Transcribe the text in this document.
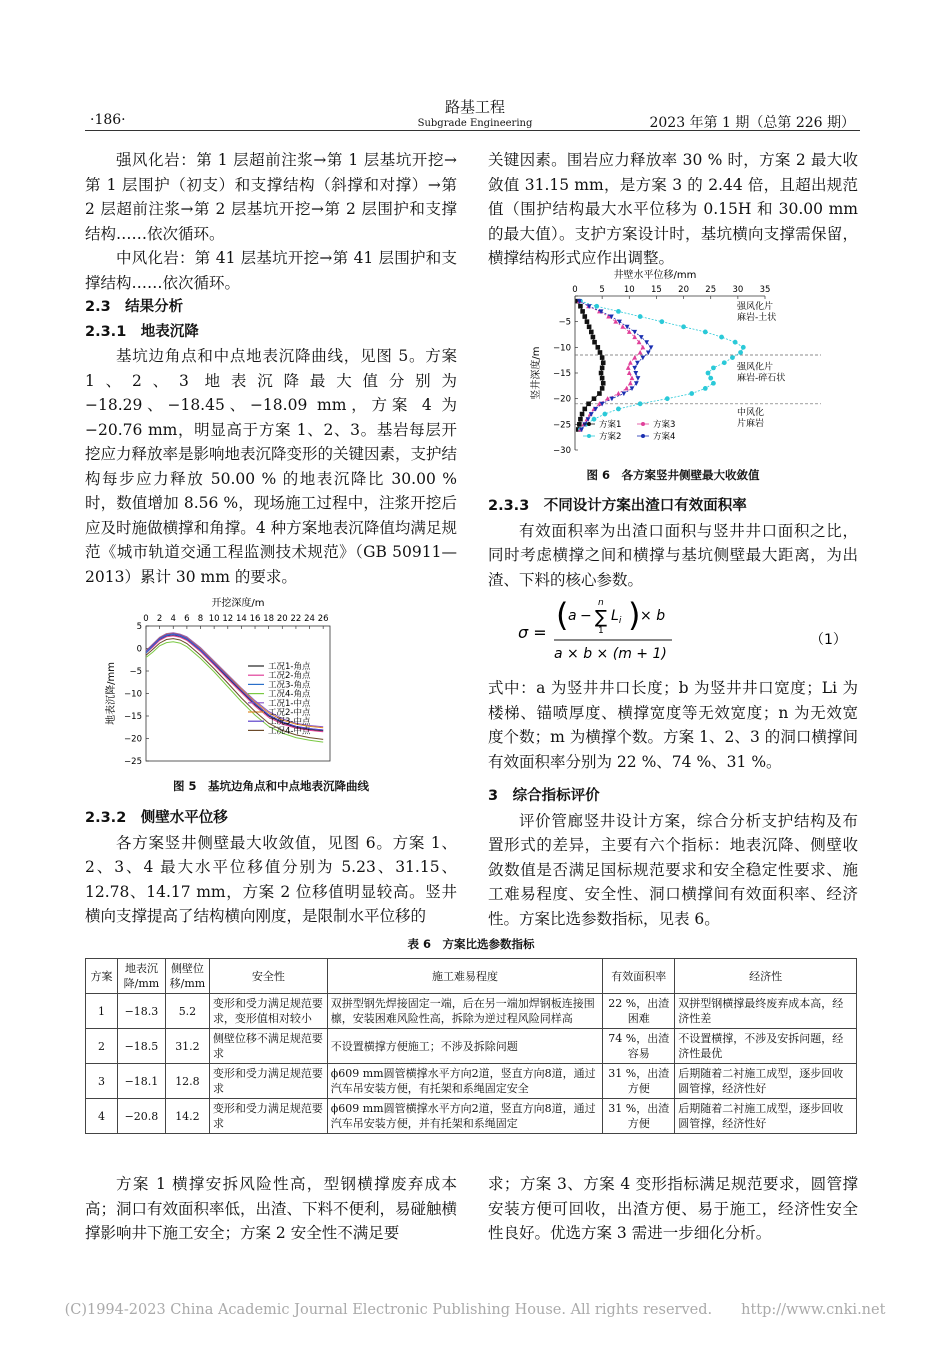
·186·
路基工程
Subgrade Engineering	2023 年第 1 期（总第 226 期）

强风化岩：第 1 层超前注浆→第 1 层基坑开挖→第 1 层围护（初支）和支撑结构（斜撑和对撑）→第 2 层超前注浆→第 2 层基坑开挖→第 2 层围护和支撑结构……依次循环。

中风化岩：第 41 层基坑开挖→第 41 层围护和支撑结构……依次循环。

2.3　结果分析

2.3.1　地表沉降

基坑边角点和中点地表沉降曲线，见图 5。方案 1、2、3 地表沉降最大值分别为 −18.29、−18.45、−18.09 mm，方案 4 为−20.76 mm，明显高于方案 1、2、3。基岩每层开挖应力释放率是影响地表沉降变形的关键因素，支护结构每步应力释放 50.00 % 的地表沉降比 30.00 % 时，数值增加 8.56 %，现场施工过程中，注浆开挖后应及时施做横撑和角撑。4 种方案地表沉降值均满足规范《城市轨道交通工程监测技术规范》（GB 50911—2013）累计 30 mm 的要求。

开挖深度/m
0 2 4 6 8 10 12 14 16 18 20 22 24 26
5
0
−5
−10
−15
−20
−25
地表沉降/mm	工况1-角点
工况2-角点
工况3-角点
工况4-角点
工况1-中点
工况2-中点
工况3-中点
工况4-中点
图 5　基坑边角点和中点地表沉降曲线

2.3.2　侧壁水平位移

各方案竖井侧壁最大收敛值，见图 6。方案 1、2、3、4 最大水平位移值分别为 5.23、31.15、12.78、14.17 mm，方案 2 位移值明显较高。竖井横向支撑提高了结构横向刚度，是限制水平位移的

关键因素。围岩应力释放率 30 % 时，方案 2 最大收敛值 31.15 mm，是方案 3 的 2.44 倍，且超出规范值（围护结构最大水平位移为 0.15H 和 30.00 mm 的最大值）。支护方案设计时，基坑横向支撑需保留，横撑结构形式应作出调整。

井壁水平位移/mm
0	5 10 15 20 25 30 35
−5
−10
−15
−20
−25
−30
竖井深度/m
强风化片麻岩-土状
强风化片麻岩-碎石状
中风化片麻岩
方案1
方案2
方案3
方案4
图 6　各方案竖井侧壁最大收敛值

2.3.3　不同设计方案出渣口有效面积率

有效面积率为出渣口面积与竖井井口面积之比，同时考虑横撑之间和横撑与基坑侧壁最大距离，为出渣、下料的核心参数。

σ = ( a − ∑
n
1
$L_i$ ) × b
a × b × (m + 1)
（1）

式中：a 为竖井井口长度；b 为竖井井口宽度；Li 为楼梯、锚喷厚度、横撑宽度等无效宽度；n 为无效宽度个数；m 为横撑个数。方案 1、2、3 的洞口横撑间有效面积率分别为 22 %、74 %、31 %。

3　综合指标评价

评价管廊竖井设计方案，综合分析支护结构及布置形式的差异，主要有六个指标：地表沉降、侧壁收敛数值是否满足国标规范要求和安全稳定性要求、施工难易程度、安全性、洞口横撑间有效面积率、经济性。方案比选参数指标，见表 6。

表 6　方案比选参数指标
方案	地表沉降/mm	侧壁位移/mm	安全性	施工难易程度	有效面积率	经济性
1	−18.3	5.2	变形和受力满足规范要求，变形值相对较小	双拼型钢先焊接固定一端，后在另一端加焊钢板连接围檩，安装困难风险性高，拆除为逆过程风险同样高	22 %，出渣困难	双拼型钢横撑最终废弃成本高，经济性差
2	−18.5	31.2	侧壁位移不满足规范要求	不设置横撑方便施工；不涉及拆除问题	74 %，出渣容易	不设置横撑，不涉及安拆问题，经济性最优
3	−18.1	12.8	变形和受力满足规范要求	ϕ609 mm圆管横撑水平方向2道，竖直方向8道，通过汽车吊安装方便，有托架和系绳固定安全	31 %，出渣方便	后期随着二衬施工成型，逐步回收圆管撑，经济性好
4	−20.8	14.2	变形和受力满足规范要求	ϕ609 mm圆管横撑水平方向2道，竖直方向8道，通过汽车吊安装方便，并有托架和系绳固定	31 %，出渣方便	后期随着二衬施工成型，逐步回收圆管撑，经济性好

方案 1 横撑安拆风险性高，型钢横撑废弃成本高；洞口有效面积率低，出渣、下料不便利，易碰触横撑影响井下施工安全；方案 2 安全性不满足要

求；方案 3、方案 4 变形指标满足规范要求，圆管撑安装方便可回收，出渣方便、易于施工，经济性安全性良好。优选方案 3 需进一步细化分析。

(C)1994-2023 China Academic Journal Electronic Publishing House. All rights reserved.　　http://www.cnki.net
